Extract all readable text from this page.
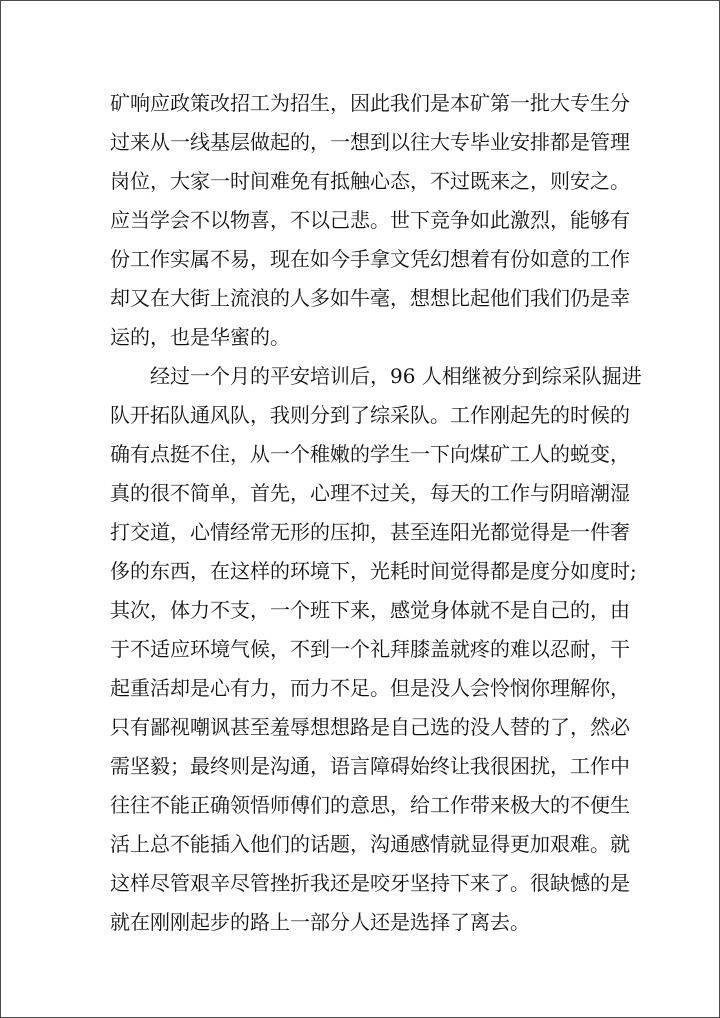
矿响应政策改招工为招生，因此我们是本矿第一批大专生分
过来从一线基层做起的，一想到以往大专毕业安排都是管理
岗位，大家一时间难免有抵触心态，不过既来之，则安之。
应当学会不以物喜，不以己悲。世下竞争如此激烈，能够有
份工作实属不易，现在如今手拿文凭幻想着有份如意的工作
却又在大街上流浪的人多如牛毫，想想比起他们我们仍是幸
运的，也是华蜜的。
经过一个月的平安培训后，96 人相继被分到综采队掘进
队开拓队通风队，我则分到了综采队。工作刚起先的时候的
确有点挺不住，从一个稚嫩的学生一下向煤矿工人的蜕变，
真的很不简单，首先，心理不过关，每天的工作与阴暗潮湿
打交道，心情经常无形的压抑，甚至连阳光都觉得是一件奢
侈的东西，在这样的环境下，光耗时间觉得都是度分如度时;
其次，体力不支，一个班下来，感觉身体就不是自己的，由
于不适应环境气候，不到一个礼拜膝盖就疼的难以忍耐，干
起重活却是心有力，而力不足。但是没人会怜悯你理解你，
只有鄙视嘲讽甚至羞辱想想路是自己选的没人替的了，然必
需坚毅；最终则是沟通，语言障碍始终让我很困扰，工作中
往往不能正确领悟师傅们的意思，给工作带来极大的不便生
活上总不能插入他们的话题，沟通感情就显得更加艰难。就
这样尽管艰辛尽管挫折我还是咬牙坚持下来了。很缺憾的是
就在刚刚起步的路上一部分人还是选择了离去。
